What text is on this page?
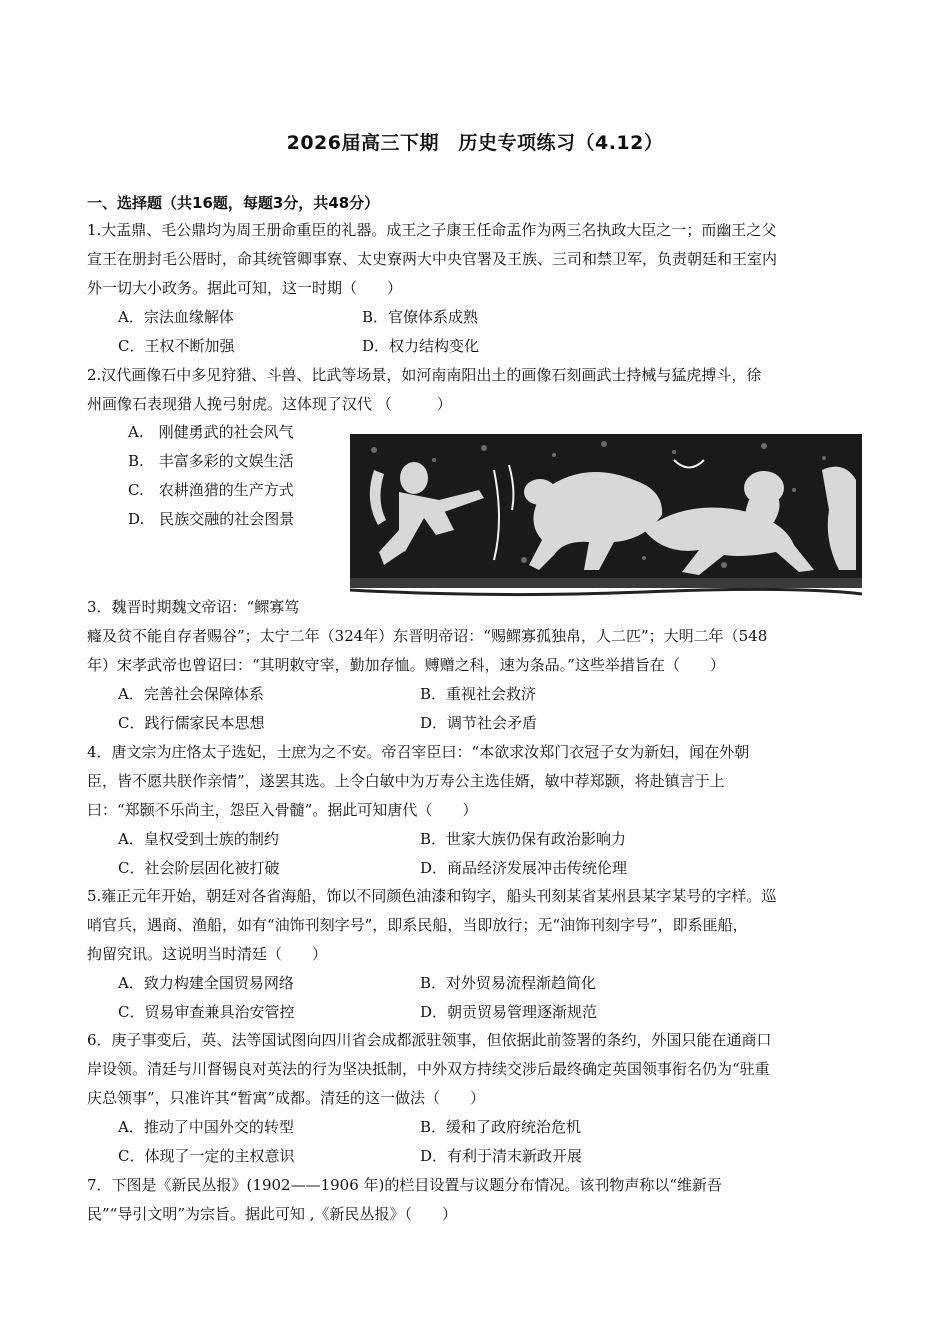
2026届高三下期　历史专项练习（4.12）
一、选择题（共16题，每题3分，共48分）
1.大盂鼎、毛公鼎均为周王册命重臣的礼器。成王之子康王任命盂作为两三名执政大臣之一；而幽王之父
宣王在册封毛公厝时，命其统管卿事寮、太史寮两大中央官署及王族、三司和禁卫军，负责朝廷和王室内
外一切大小政务。据此可知，这一时期（　　）
A．宗法血缘解体	B．官僚体系成熟
C．王权不断加强	D．权力结构变化
2.汉代画像石中多见狩猎、斗兽、比武等场景，如河南南阳出土的画像石刻画武士持械与猛虎搏斗，徐
州画像石表现猎人挽弓射虎。这体现了汉代 （　　　）
A.　刚健勇武的社会风气
B.　丰富多彩的文娱生活
C.　农耕渔猎的生产方式
D.　民族交融的社会图景
3．魏晋时期魏文帝诏：“鳏寡笃
癃及贫不能自存者赐谷”；太宁二年（324年）东晋明帝诏：“赐鳏寡孤独帛，人二匹”；大明二年（548
年）宋孝武帝也曾诏曰：“其明敕守宰，勤加存恤。赙赠之科，速为条品。”这些举措旨在（　　）
A．完善社会保障体系	B．重视社会救济
C．践行儒家民本思想	D．调节社会矛盾
4．唐文宗为庄恪太子选妃，士庶为之不安。帝召宰臣曰：“本欲求汝郑门衣冠子女为新妇，闻在外朝
臣，皆不愿共朕作亲情”，遂罢其选。上令白敏中为万寿公主选佳婿，敏中荐郑颢，将赴镇言于上
曰：“郑颢不乐尚主，怨臣入骨髓”。据此可知唐代（　　）
A．皇权受到士族的制约	B．世家大族仍保有政治影响力
C．社会阶层固化被打破	D．商品经济发展冲击传统伦理
5.雍正元年开始，朝廷对各省海船，饰以不同颜色油漆和钩字，船头刊刻某省某州县某字某号的字样。巡
哨官兵，遇商、渔船，如有“油饰刊刻字号”，即系民船，当即放行；无“油饰刊刻字号”，即系匪船，
拘留究讯。这说明当时清廷（　　）
A．致力构建全国贸易网络	B．对外贸易流程渐趋简化
C．贸易审查兼具治安管控	D．朝贡贸易管理逐渐规范
6．庚子事变后，英、法等国试图向四川省会成都派驻领事，但依据此前签署的条约，外国只能在通商口
岸设领。清廷与川督锡良对英法的行为坚决抵制，中外双方持续交涉后最终确定英国领事衔名仍为“驻重
庆总领事”，只准许其“暂寓”成都。清廷的这一做法（　　）
A．推动了中国外交的转型	B．缓和了政府统治危机
C．体现了一定的主权意识	D．有利于清末新政开展
7．下图是《新民丛报》(1902——1906 年)的栏目设置与议题分布情况。该刊物声称以“维新吾
民”“导引文明”为宗旨。据此可知 ,《新民丛报》（　　）
